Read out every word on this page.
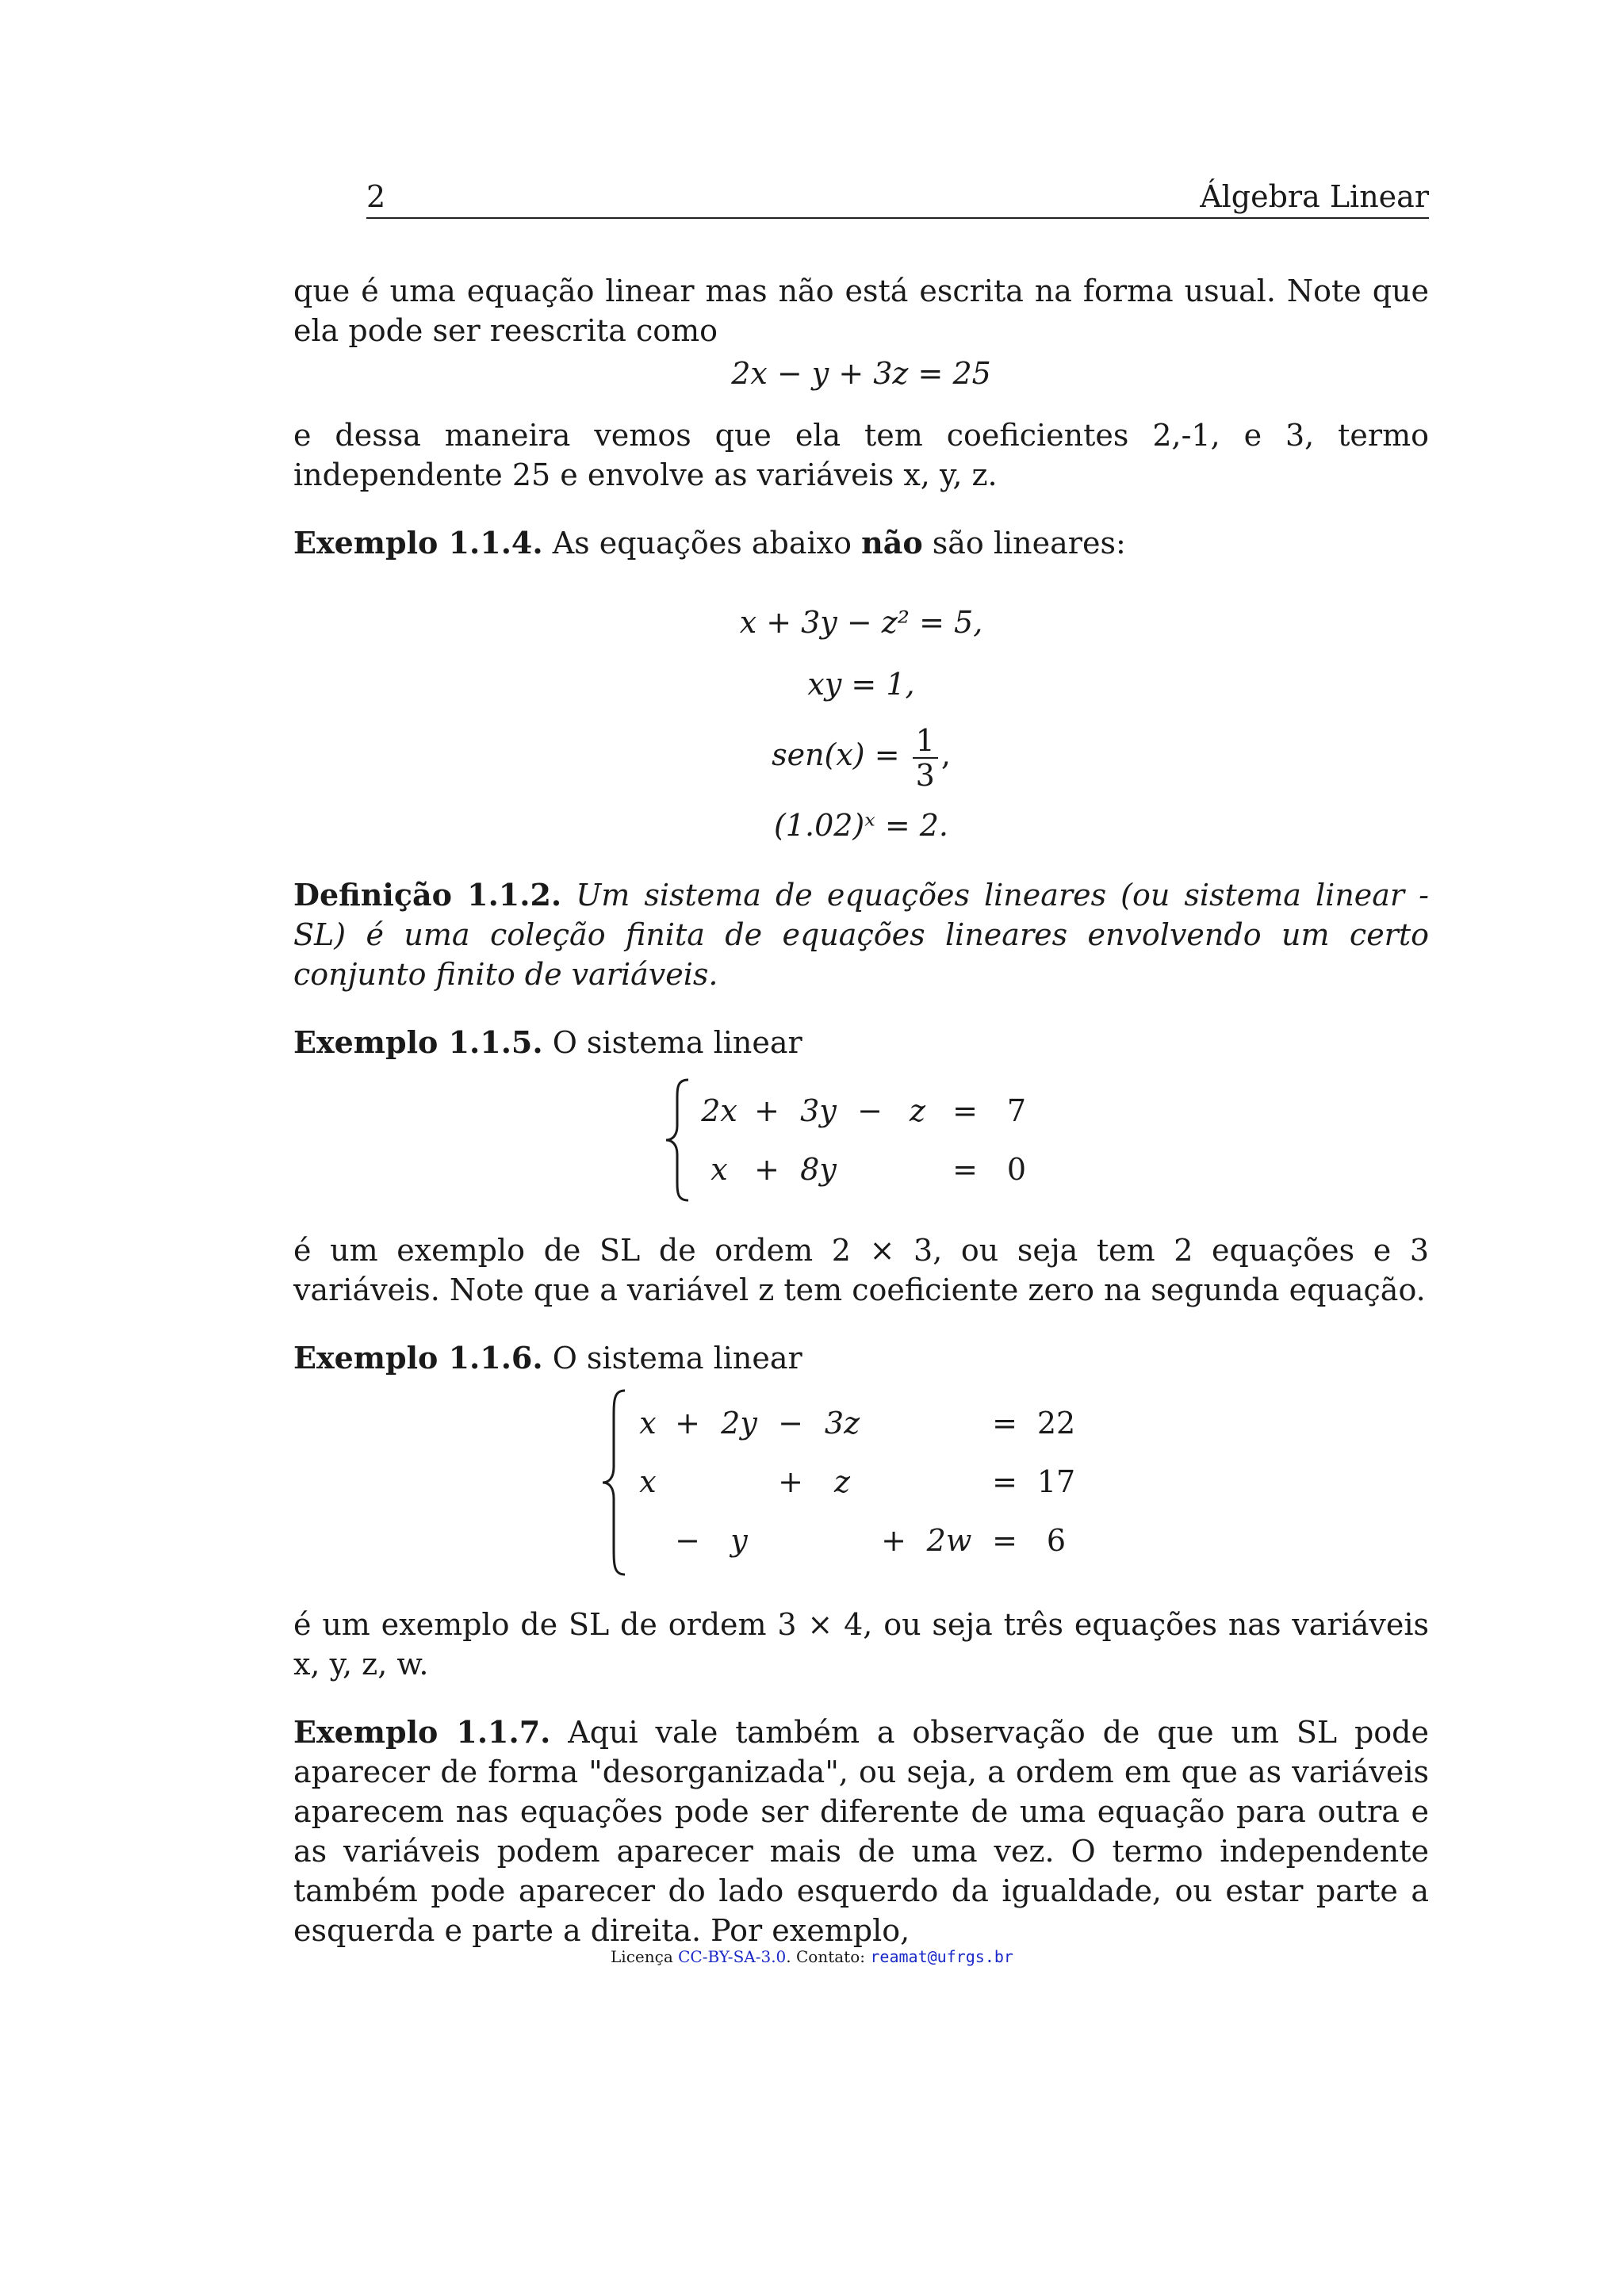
2	Álgebra Linear

que é uma equação linear mas não está escrita na forma usual. Note que ela pode ser reescrita como

2x − y + 3z = 25

e dessa maneira vemos que ela tem coeficientes 2,-1, e 3, termo independente 25 e envolve as variáveis x, y, z.

Exemplo 1.1.4. As equações abaixo não são lineares:

x + 3y − z² = 5,
xy = 1,
$sen(x) = \frac{1}{3}$ ,
(1.02)ˣ = 2.

Definição 1.1.2. Um sistema de equações lineares (ou sistema linear - SL) é uma coleção finita de equações lineares envolvendo um certo conjunto finito de variáveis.

Exemplo 1.1.5. O sistema linear

2x	+	3y	−	z	=	7
x	+	8y			=	0

é um exemplo de SL de ordem 2 × 3, ou seja tem 2 equações e 3 variáveis. Note que a variável z tem coeficiente zero na segunda equação.

Exemplo 1.1.6. O sistema linear

x	+	2y	−	3z			=	22
x			+	z			=	17
	−	y			+	2w	=	6

é um exemplo de SL de ordem 3 × 4, ou seja três equações nas variáveis x, y, z, w.

Exemplo 1.1.7. Aqui vale também a observação de que um SL pode aparecer de forma "desorganizada", ou seja, a ordem em que as variáveis aparecem nas equações pode ser diferente de uma equação para outra e as variáveis podem aparecer mais de uma vez. O termo independente também pode aparecer do lado esquerdo da igualdade, ou estar parte a esquerda e parte a direita. Por exemplo,

Licença CC-BY-SA-3.0. Contato: reamat@ufrgs.br
